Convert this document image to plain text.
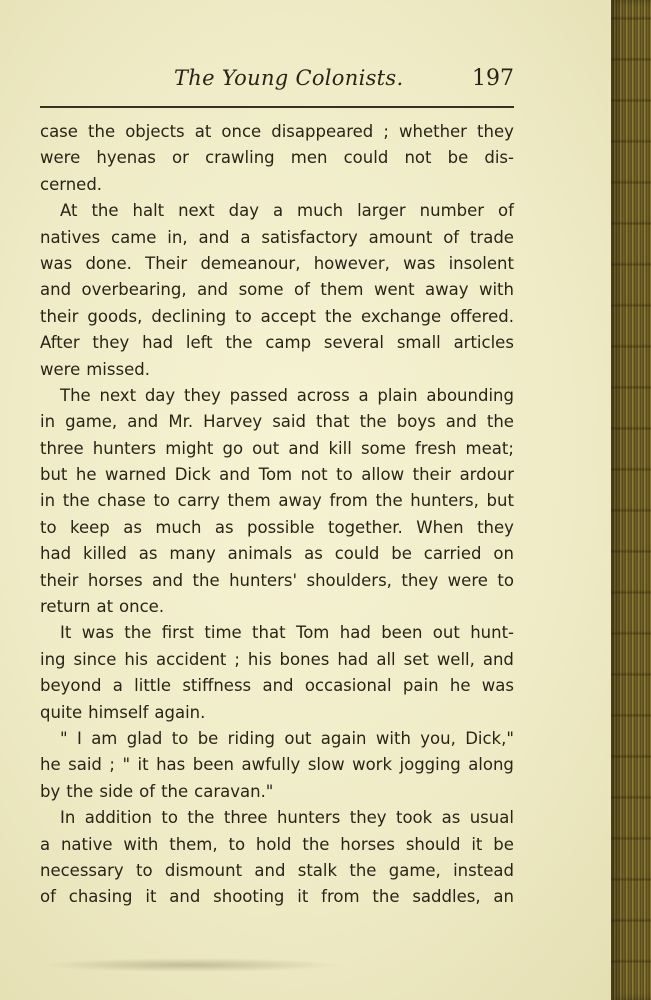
The Young Colonists.	197
case the objects at once disappeared ; whether they
were hyenas or crawling men could not be dis-
cerned.
At the halt next day a much larger number of
natives came in, and a satisfactory amount of trade
was done. Their demeanour, however, was insolent
and overbearing, and some of them went away with
their goods, declining to accept the exchange offered.
After they had left the camp several small articles
were missed.
The next day they passed across a plain abounding
in game, and Mr. Harvey said that the boys and the
three hunters might go out and kill some fresh meat;
but he warned Dick and Tom not to allow their ardour
in the chase to carry them away from the hunters, but
to keep as much as possible together. When they
had killed as many animals as could be carried on
their horses and the hunters' shoulders, they were to
return at once.
It was the first time that Tom had been out hunt-
ing since his accident ; his bones had all set well, and
beyond a little stiffness and occasional pain he was
quite himself again.
" I am glad to be riding out again with you, Dick,"
he said ; " it has been awfully slow work jogging along
by the side of the caravan."
In addition to the three hunters they took as usual
a native with them, to hold the horses should it be
necessary to dismount and stalk the game, instead
of chasing it and shooting it from the saddles, an
